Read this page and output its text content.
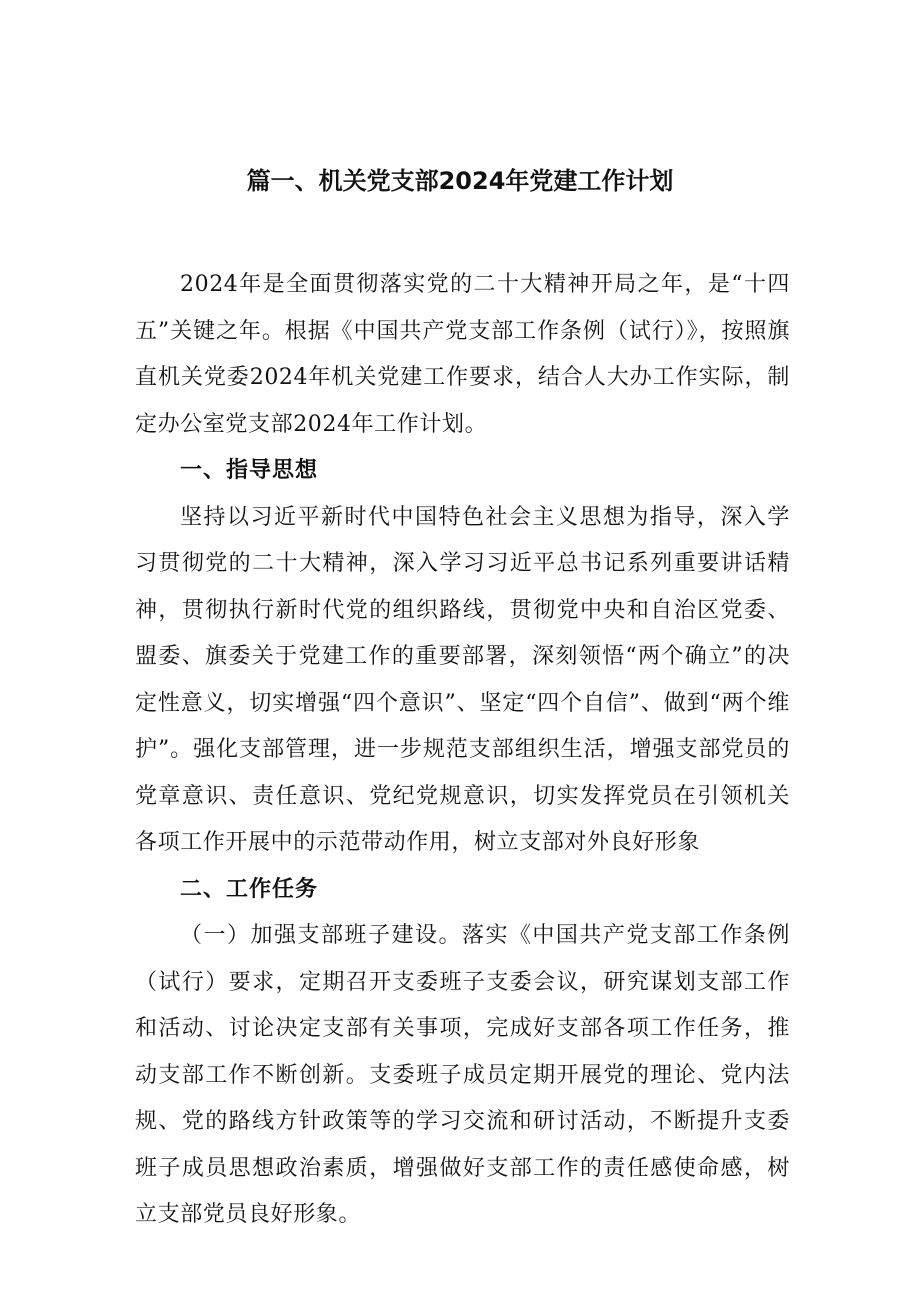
篇一、机关党支部2024年党建工作计划

2024年是全面贯彻落实党的二十大精神开局之年，是“十四五”关键之年。根据《中国共产党支部工作条例（试行）》，按照旗直机关党委2024年机关党建工作要求，结合人大办工作实际，制定办公室党支部2024年工作计划。

一、指导思想

坚持以习近平新时代中国特色社会主义思想为指导，深入学习贯彻党的二十大精神，深入学习习近平总书记系列重要讲话精神，贯彻执行新时代党的组织路线，贯彻党中央和自治区党委、盟委、旗委关于党建工作的重要部署，深刻领悟“两个确立”的决定性意义，切实增强“四个意识”、坚定“四个自信”、做到“两个维护”。强化支部管理，进一步规范支部组织生活，增强支部党员的党章意识、责任意识、党纪党规意识，切实发挥党员在引领机关各项工作开展中的示范带动作用，树立支部对外良好形象

二、工作任务

（一）加强支部班子建设。落实《中国共产党支部工作条例（试行）要求，定期召开支委班子支委会议，研究谋划支部工作和活动、讨论决定支部有关事项，完成好支部各项工作任务，推动支部工作不断创新。支委班子成员定期开展党的理论、党内法规、党的路线方针政策等的学习交流和研讨活动，不断提升支委班子成员思想政治素质，增强做好支部工作的责任感使命感，树立支部党员良好形象。
